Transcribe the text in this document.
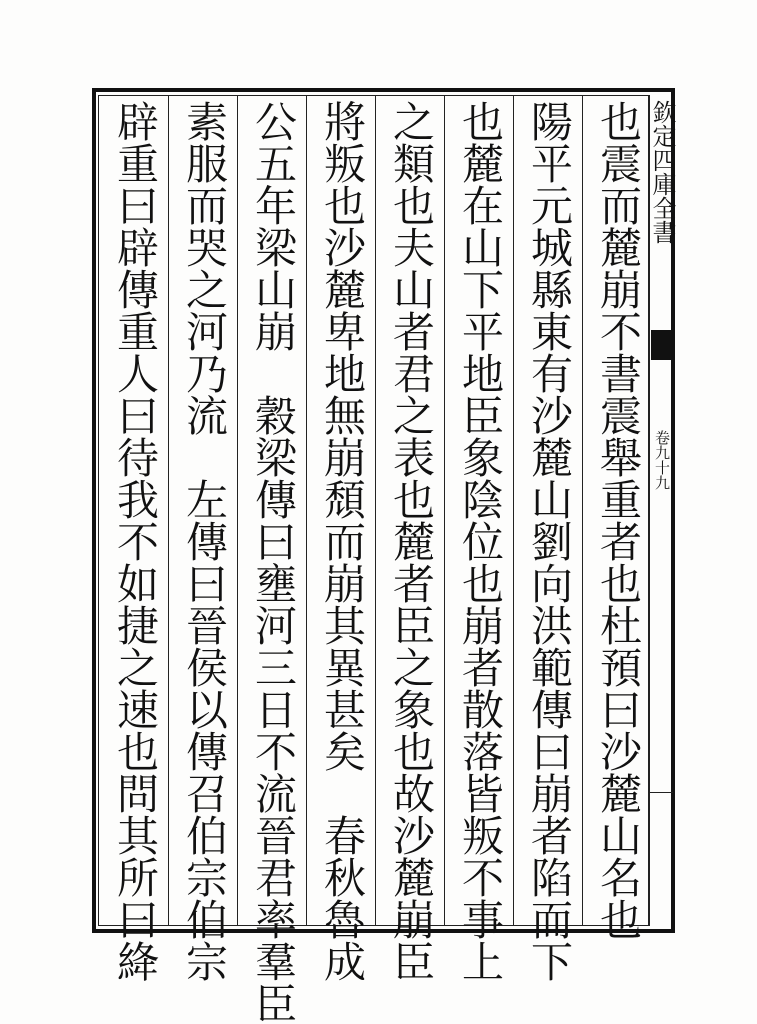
也震而麓崩不書震舉重者也杜預曰沙麓山名也
陽平元城縣東有沙麓山劉向洪範傳曰崩者陷而下
也麓在山下平地臣象陰位也崩者散落皆叛不事上
之類也夫山者君之表也麓者臣之象也故沙麓崩臣
將叛也沙麓卑地無崩頹而崩其異甚矣　春秋魯成
公五年梁山崩　穀梁傳曰壅河三日不流晉君率羣臣
素服而哭之河乃流　左傳曰晉侯以傳召伯宗伯宗
辟重曰辟傳重人曰待我不如捷之速也問其所曰絳	欽定四庫全書
卷九十九
